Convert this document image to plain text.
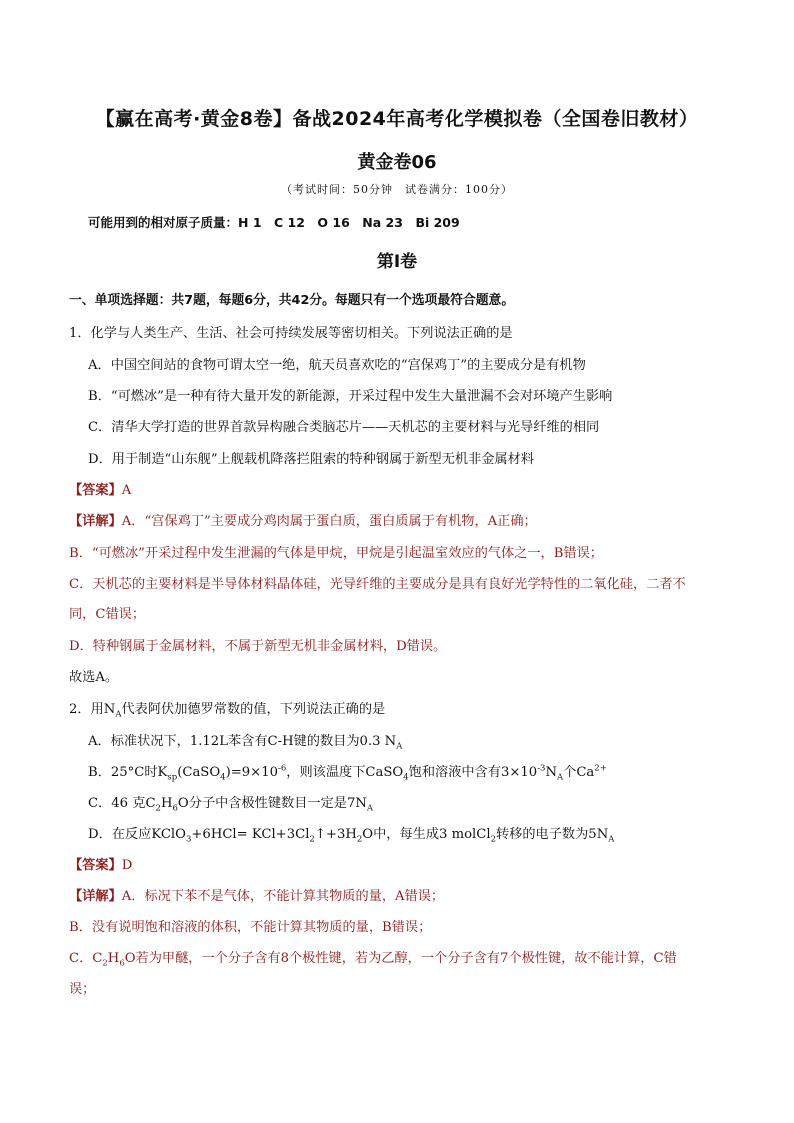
【赢在高考·黄金8卷】备战2024年高考化学模拟卷（全国卷旧教材）
黄金卷06
（考试时间：50分钟　试卷满分：100分）
可能用到的相对原子质量：H 1　C 12　O 16　Na 23　Bi 209
第Ⅰ卷
一、单项选择题：共7题，每题6分，共42分。每题只有一个选项最符合题意。
1．化学与人类生产、生活、社会可持续发展等密切相关。下列说法正确的是
A．中国空间站的食物可谓太空一绝，航天员喜欢吃的“宫保鸡丁”的主要成分是有机物
B．“可燃冰”是一种有待大量开发的新能源，开采过程中发生大量泄漏不会对环境产生影响
C．清华大学打造的世界首款异构融合类脑芯片——天机芯的主要材料与光导纤维的相同
D．用于制造“山东舰”上舰载机降落拦阻索的特种钢属于新型无机非金属材料
【答案】A
【详解】A．“宫保鸡丁”主要成分鸡肉属于蛋白质，蛋白质属于有机物，A正确；
B．“可燃冰”开采过程中发生泄漏的气体是甲烷，甲烷是引起温室效应的气体之一，B错误；
C．天机芯的主要材料是半导体材料晶体硅，光导纤维的主要成分是具有良好光学特性的二氧化硅，二者不
同，C错误；
D．特种钢属于金属材料，不属于新型无机非金属材料，D错误。
故选A。
2．用$N_A$代表阿伏加德罗常数的值，下列说法正确的是
A．标准状况下，1.12L苯含有C-H键的数目为0.3 $N_A$
B．25°C时$K_{sp}(CaSO_4)=9\times 10^{-6}$，则该温度下CaSO$_4$饱和溶液中含有$3\times 10^{-3}N_A$个$Ca^{2+}$
C．46 克$C_2H_6O$分子中含极性键数目一定是$7N_A$
D．在反应KClO$_3$+6HCl= $KCl+3Cl_2↑+3H_2O$中，每生成3 molCl$_2$转移的电子数为$5N_A$
【答案】D
【详解】A．标况下苯不是气体，不能计算其物质的量，A错误；
B．没有说明饱和溶液的体积，不能计算其物质的量，B错误；
C．$C_2H_6O$若为甲醚，一个分子含有8个极性键，若为乙醇，一个分子含有7个极性键，故不能计算，C错
误；
